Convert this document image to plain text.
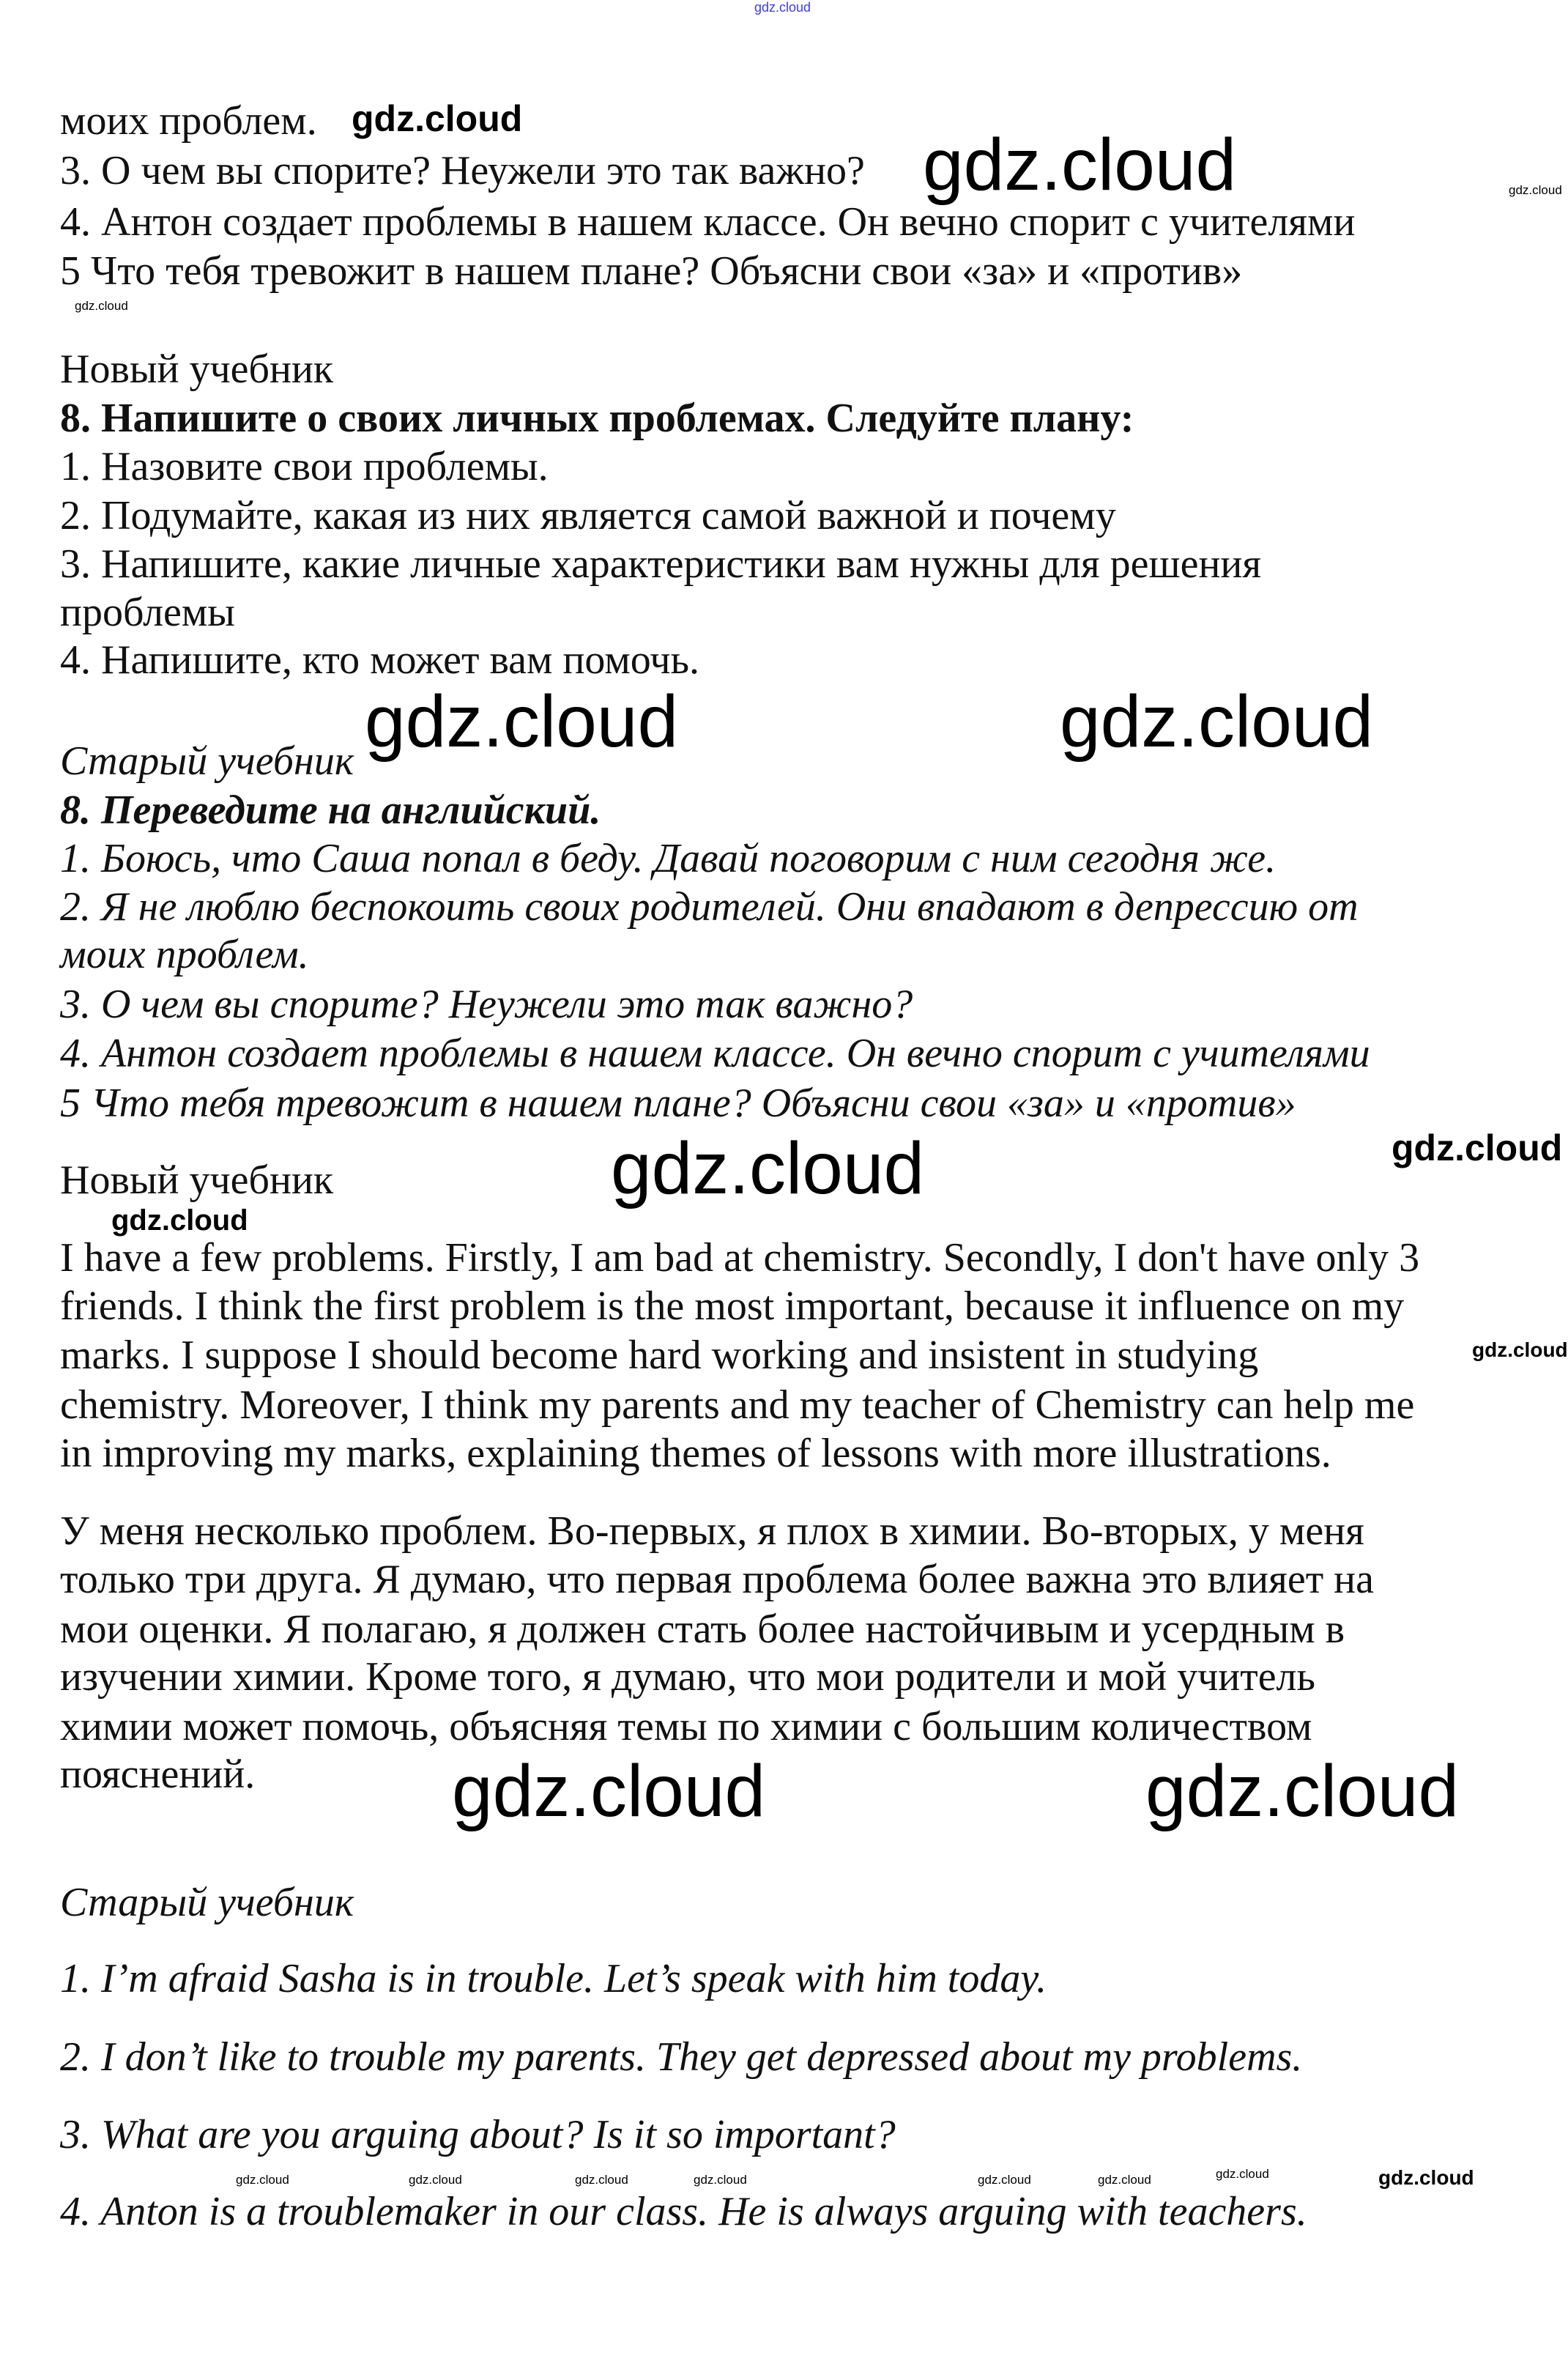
gdz.cloud
моих проблем.
3. О чем вы спорите? Неужели это так важно?
4. Антон создает проблемы в нашем классе. Он вечно спорит с учителями
5 Что тебя тревожит в нашем плане? Объясни свои «за» и «против»
Новый учебник
8. Напишите о своих личных проблемах. Следуйте плану:
1. Назовите свои проблемы.
2. Подумайте, какая из них является самой важной и почему
3. Напишите, какие личные характеристики вам нужны для решения
проблемы
4. Напишите, кто может вам помочь.
Старый учебник
8. Переведите на английский.
1. Боюсь, что Саша попал в беду. Давай поговорим с ним сегодня же.
2. Я не люблю беспокоить своих родителей. Они впадают в депрессию от
моих проблем.
3. О чем вы спорите? Неужели это так важно?
4. Антон создает проблемы в нашем классе. Он вечно спорит с учителями
5 Что тебя тревожит в нашем плане? Объясни свои «за» и «против»
Новый учебник
I have a few problems. Firstly, I am bad at chemistry. Secondly, I don't have only 3
friends. I think the first problem is the most important, because it influence on my
marks. I suppose I should become hard working and insistent in studying
chemistry. Moreover, I think my parents and my teacher of Chemistry can help me
in improving my marks, explaining themes of lessons with more illustrations.
У меня несколько проблем. Во-первых, я плох в химии. Во-вторых, у меня
только три друга. Я думаю, что первая проблема более важна это влияет на
мои оценки. Я полагаю, я должен стать более настойчивым и усердным в
изучении химии. Кроме того, я думаю, что мои родители и мой учитель
химии может помочь, объясняя темы по химии с большим количеством
пояснений.
Старый учебник
1. I’m afraid Sasha is in trouble. Let’s speak with him today.
2. I don’t like to trouble my parents. They get depressed about my problems.
3. What are you arguing about? Is it so important?
4. Anton is a troublemaker in our class. He is always arguing with teachers.
gdz.cloud
gdz.cloud	gdz.cloud
gdz.cloud
gdz.cloud	gdz.cloud
gdz.cloud
gdz.cloud
gdz.cloud
gdz.cloud
gdz.cloud
gdz.cloud
gdz.cloud
gdz.cloud	gdz.cloud	gdz.cloud	gdz.cloud	gdz.cloud	gdz.cloud	gdz.cloud
